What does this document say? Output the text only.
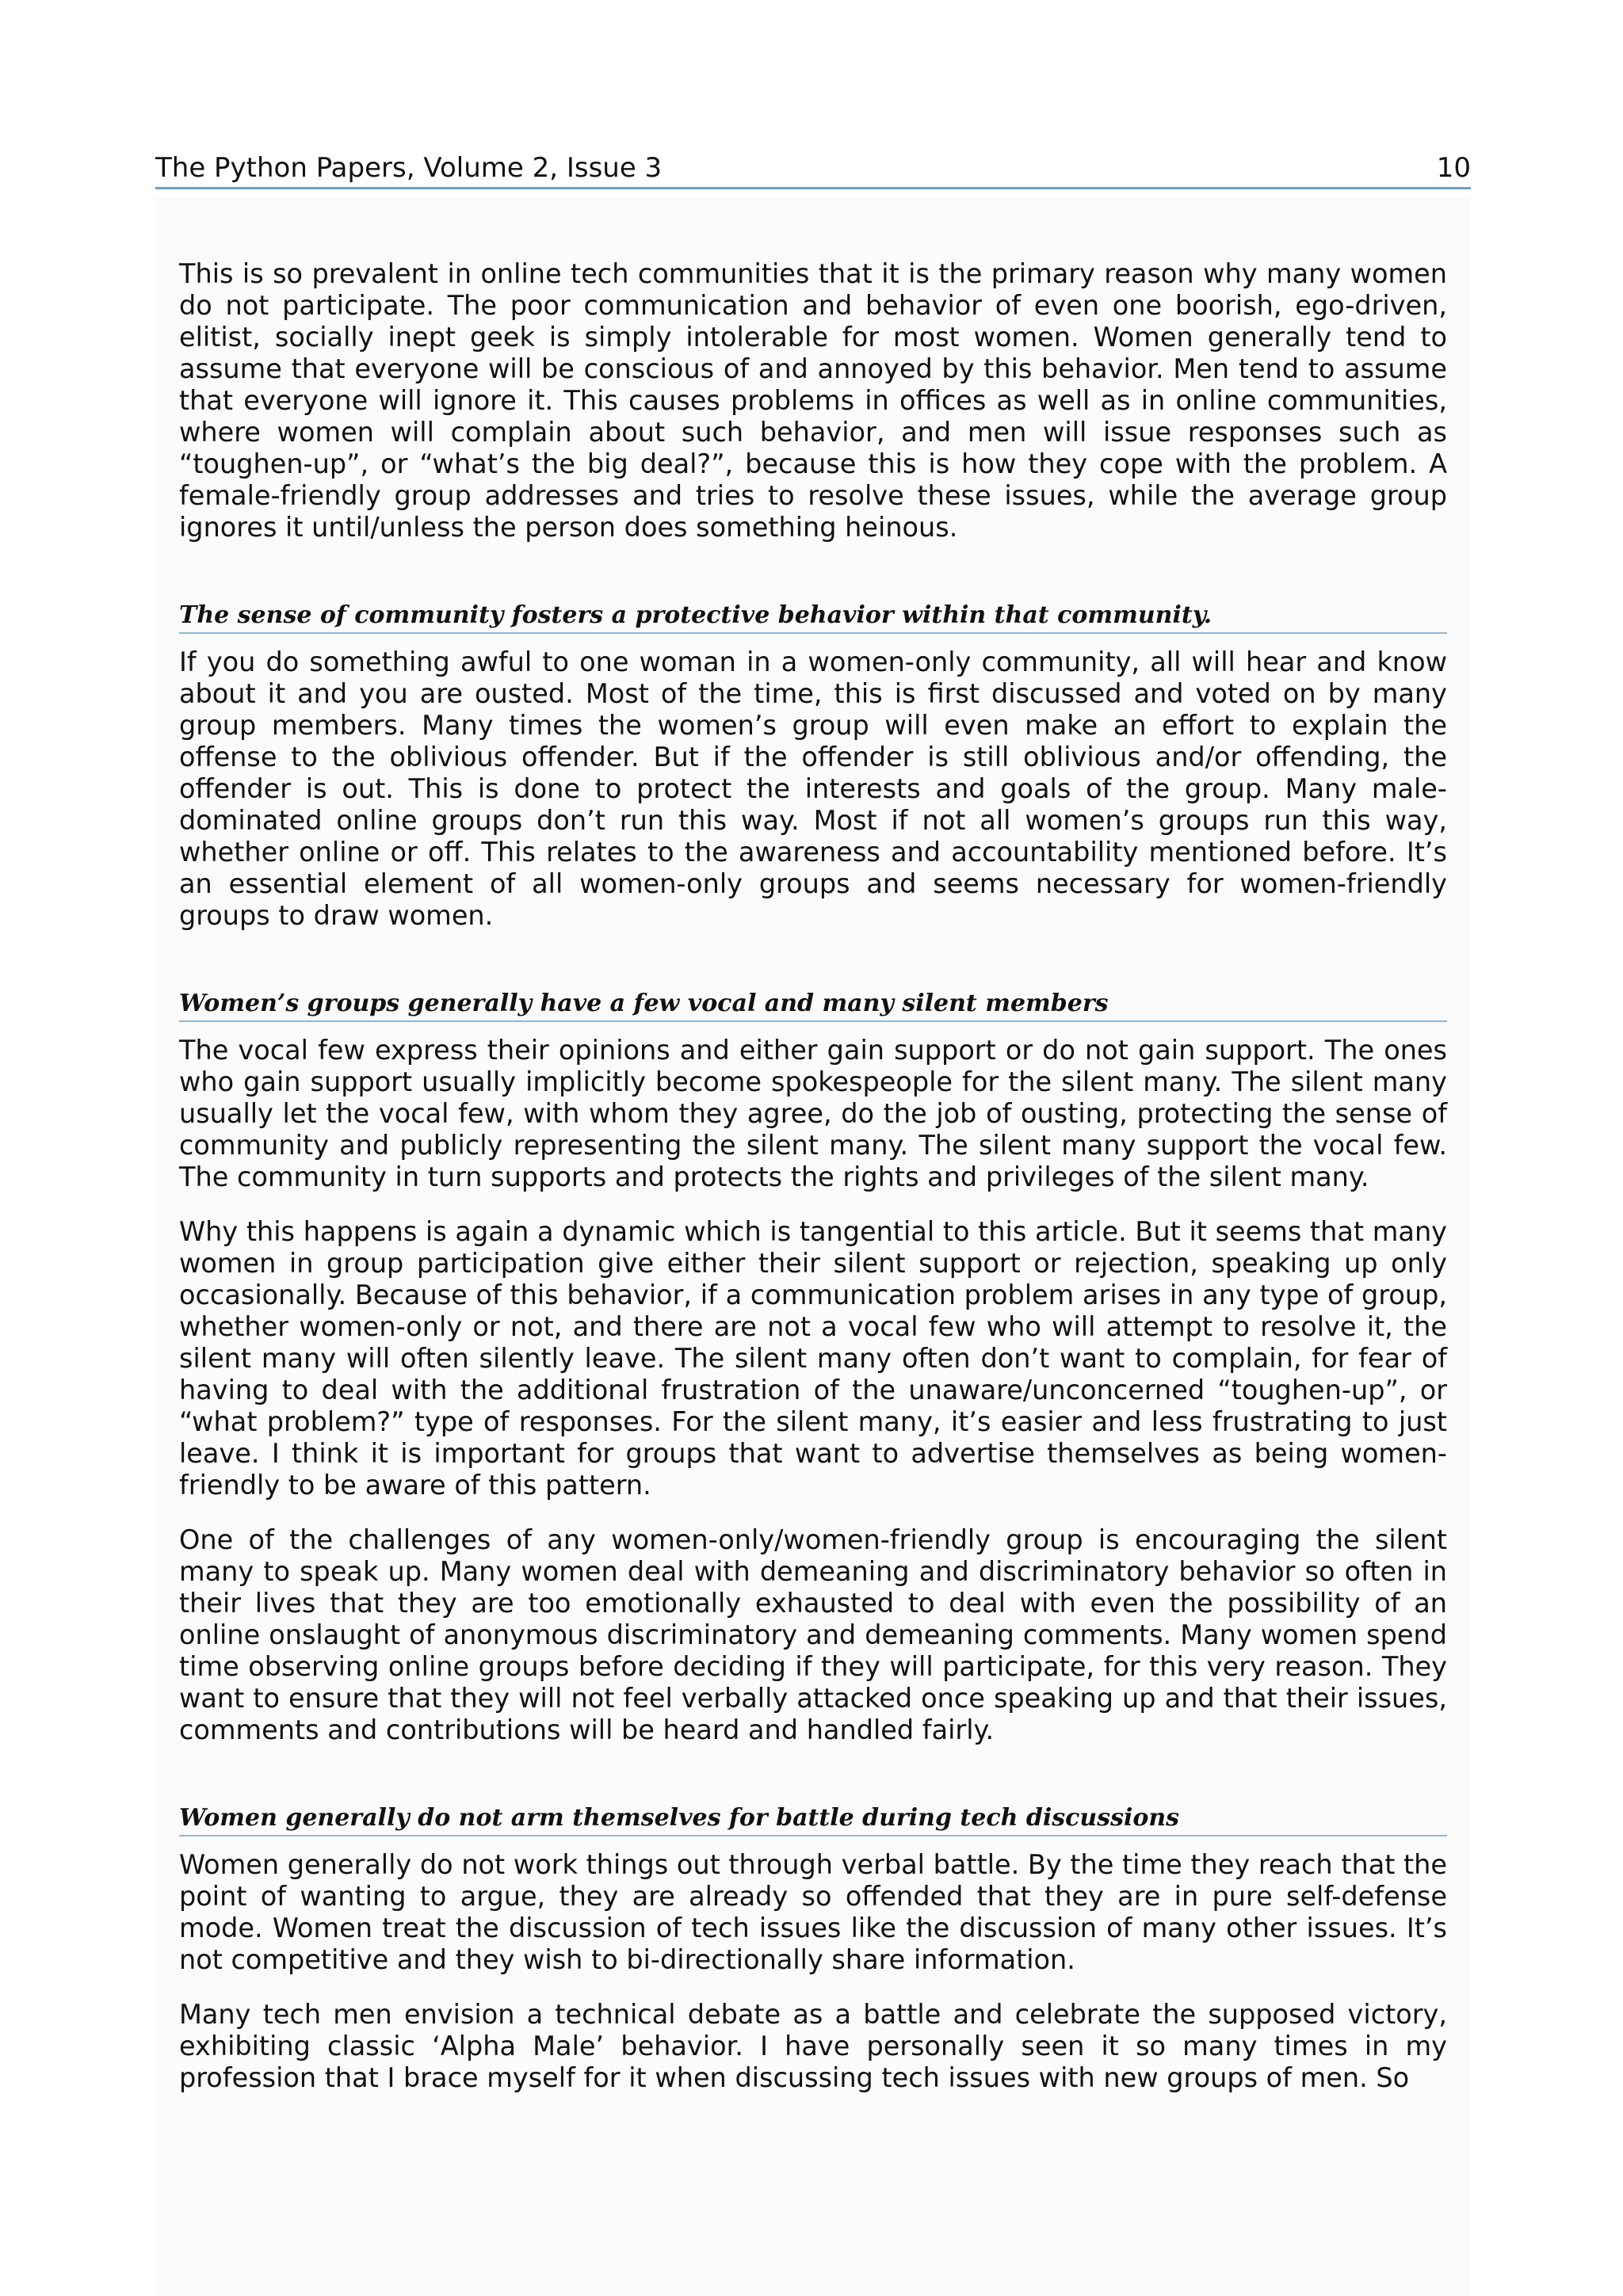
The Python Papers, Volume 2, Issue 3	10

This is so prevalent in online tech communities that it is the primary reason why many women do not participate. The poor communication and behavior of even one boorish, ego-driven, elitist, socially inept geek is simply intolerable for most women. Women generally tend to assume that everyone will be conscious of and annoyed by this behavior. Men tend to assume that everyone will ignore it. This causes problems in offices as well as in online communities, where women will complain about such behavior, and men will issue responses such as “toughen-up”, or “what’s the big deal?”, because this is how they cope with the problem. A female-friendly group addresses and tries to resolve these issues, while the average group ignores it until/unless the person does something heinous.

The sense of community fosters a protective behavior within that community.

If you do something awful to one woman in a women-only community, all will hear and know about it and you are ousted. Most of the time, this is first discussed and voted on by many group members. Many times the women’s group will even make an effort to explain the offense to the oblivious offender. But if the offender is still oblivious and/or offending, the offender is out. This is done to protect the interests and goals of the group. Many male-dominated online groups don’t run this way. Most if not all women’s groups run this way, whether online or off. This relates to the awareness and accountability mentioned before. It’s an essential element of all women-only groups and seems necessary for women-friendly groups to draw women.

Women’s groups generally have a few vocal and many silent members

The vocal few express their opinions and either gain support or do not gain support. The ones who gain support usually implicitly become spokespeople for the silent many. The silent many usually let the vocal few, with whom they agree, do the job of ousting, protecting the sense of community and publicly representing the silent many. The silent many support the vocal few. The community in turn supports and protects the rights and privileges of the silent many.

Why this happens is again a dynamic which is tangential to this article. But it seems that many women in group participation give either their silent support or rejection, speaking up only occasionally. Because of this behavior, if a communication problem arises in any type of group, whether women-only or not, and there are not a vocal few who will attempt to resolve it, the silent many will often silently leave. The silent many often don’t want to complain, for fear of having to deal with the additional frustration of the unaware/unconcerned “toughen-up”, or “what problem?” type of responses. For the silent many, it’s easier and less frustrating to just leave. I think it is important for groups that want to advertise themselves as being women-friendly to be aware of this pattern.

One of the challenges of any women-only/women-friendly group is encouraging the silent many to speak up. Many women deal with demeaning and discriminatory behavior so often in their lives that they are too emotionally exhausted to deal with even the possibility of an online onslaught of anonymous discriminatory and demeaning comments. Many women spend time observing online groups before deciding if they will participate, for this very reason. They want to ensure that they will not feel verbally attacked once speaking up and that their issues, comments and contributions will be heard and handled fairly.

Women generally do not arm themselves for battle during tech discussions

Women generally do not work things out through verbal battle. By the time they reach that the point of wanting to argue, they are already so offended that they are in pure self-defense mode. Women treat the discussion of tech issues like the discussion of many other issues. It’s not competitive and they wish to bi-directionally share information.

Many tech men envision a technical debate as a battle and celebrate the supposed victory, exhibiting classic ‘Alpha Male’ behavior. I have personally seen it so many times in my profession that I brace myself for it when discussing tech issues with new groups of men. So
